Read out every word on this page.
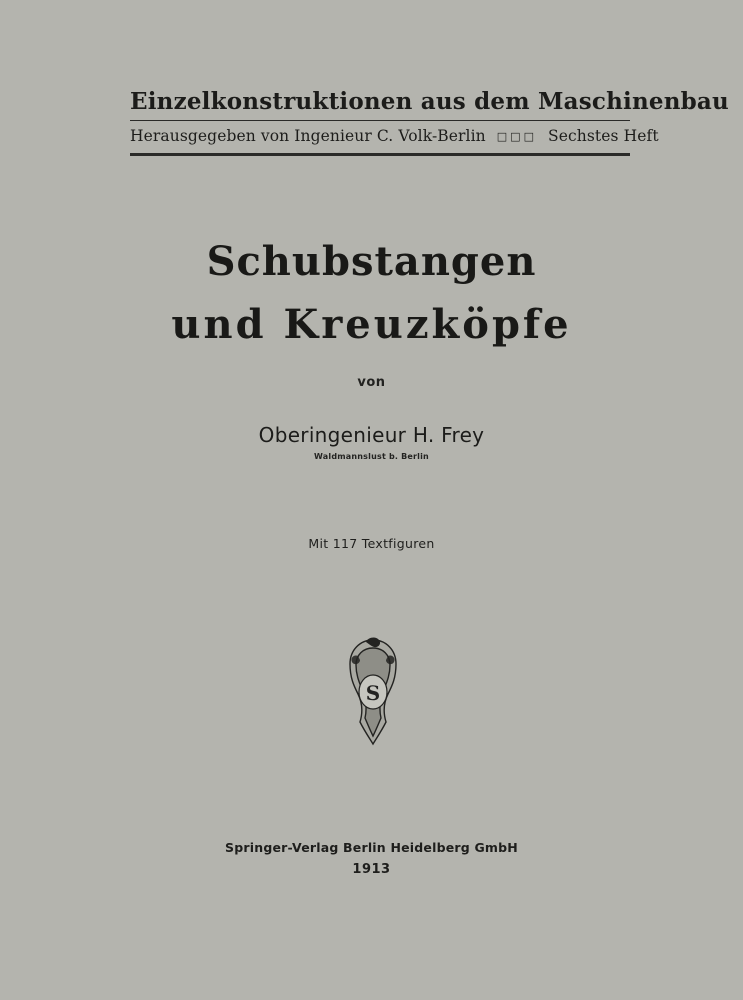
Einzelkonstruktionen aus dem Maschinenbau
Herausgegeben von Ingenieur C. Volk-Berlin □□□ Sechstes Heft
Schubstangen
und Kreuzköpfe
von
Oberingenieur H. Frey
Waldmannslust b. Berlin
Mit 117 Textfiguren
S
Springer-Verlag Berlin Heidelberg GmbH
1913
